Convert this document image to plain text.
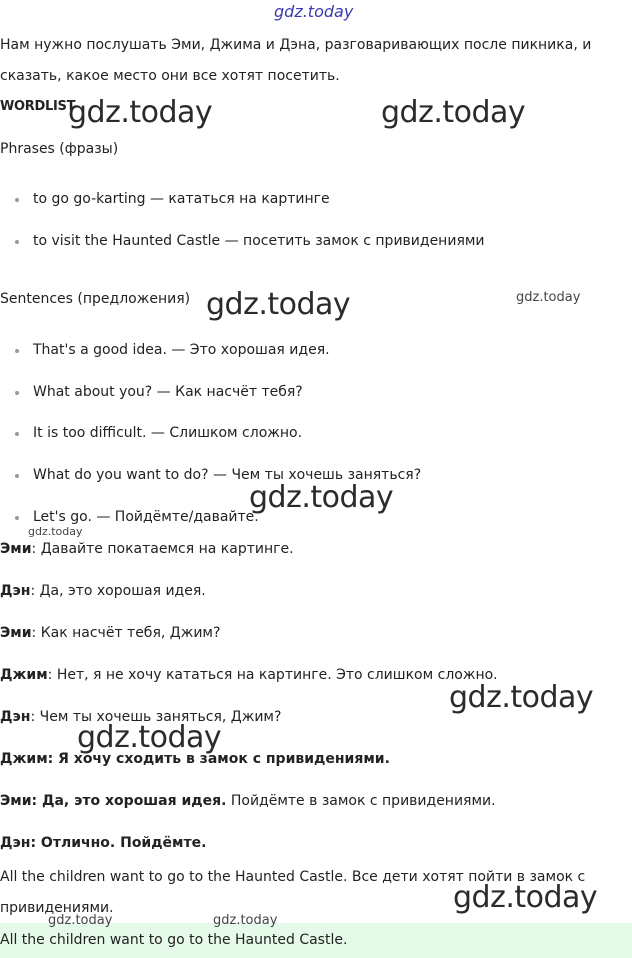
gdz.today
Нам нужно послушать Эми, Джима и Дэна, разговаривающих после пикника, и сказать, какое место они все хотят посетить.
WORDLIST
Phrases (фразы)
to go go-karting — кататься на картинге
to visit the Haunted Castle — посетить замок с привидениями
Sentences (предложения)
That's a good idea. — Это хорошая идея.
What about you? — Как насчёт тебя?
It is too difficult. — Слишком сложно.
What do you want to do? — Чем ты хочешь заняться?
Let's go. — Пойдёмте/давайте.
Эми: Давайте покатаемся на картинге.
Дэн: Да, это хорошая идея.
Эми: Как насчёт тебя, Джим?
Джим: Нет, я не хочу кататься на картинге. Это слишком сложно.
Дэн: Чем ты хочешь заняться, Джим?
Джим: Я хочу сходить в замок с привидениями.
Эми: Да, это хорошая идея. Пойдёмте в замок с привидениями.
Дэн: Отлично. Пойдёмте.
All the children want to go to the Haunted Castle. Все дети хотят пойти в замок с привидениями.
All the children want to go to the Haunted Castle.
gdz.today	gdz.today
gdz.today	gdz.today
gdz.today
gdz.today
gdz.today
gdz.today
gdz.today
gdz.today	gdz.today
